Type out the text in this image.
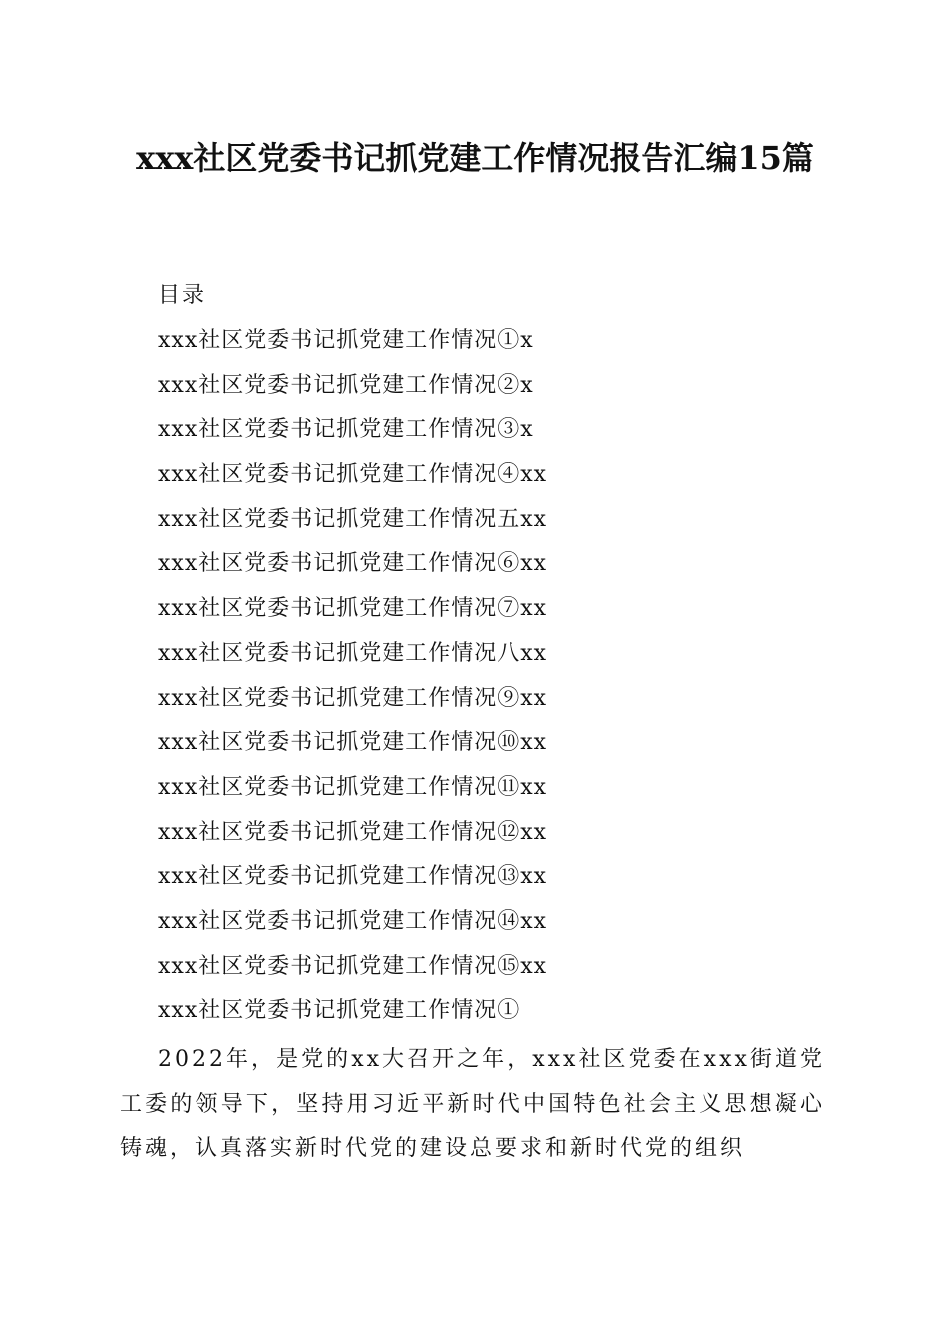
xxx社区党委书记抓党建工作情况报告汇编15篇
目录
xxx社区党委书记抓党建工作情况①x
xxx社区党委书记抓党建工作情况②x
xxx社区党委书记抓党建工作情况③x
xxx社区党委书记抓党建工作情况④xx
xxx社区党委书记抓党建工作情况五xx
xxx社区党委书记抓党建工作情况⑥xx
xxx社区党委书记抓党建工作情况⑦xx
xxx社区党委书记抓党建工作情况八xx
xxx社区党委书记抓党建工作情况⑨xx
xxx社区党委书记抓党建工作情况⑩xx
xxx社区党委书记抓党建工作情况⑪xx
xxx社区党委书记抓党建工作情况⑫xx
xxx社区党委书记抓党建工作情况⑬xx
xxx社区党委书记抓党建工作情况⑭xx
xxx社区党委书记抓党建工作情况⑮xx
xxx社区党委书记抓党建工作情况①

2022年，是党的xx大召开之年，xxx社区党委在xxx街道党工委的领导下，坚持用习近平新时代中国特色社会主义思想凝心铸魂，认真落实新时代党的建设总要求和新时代党的组织
